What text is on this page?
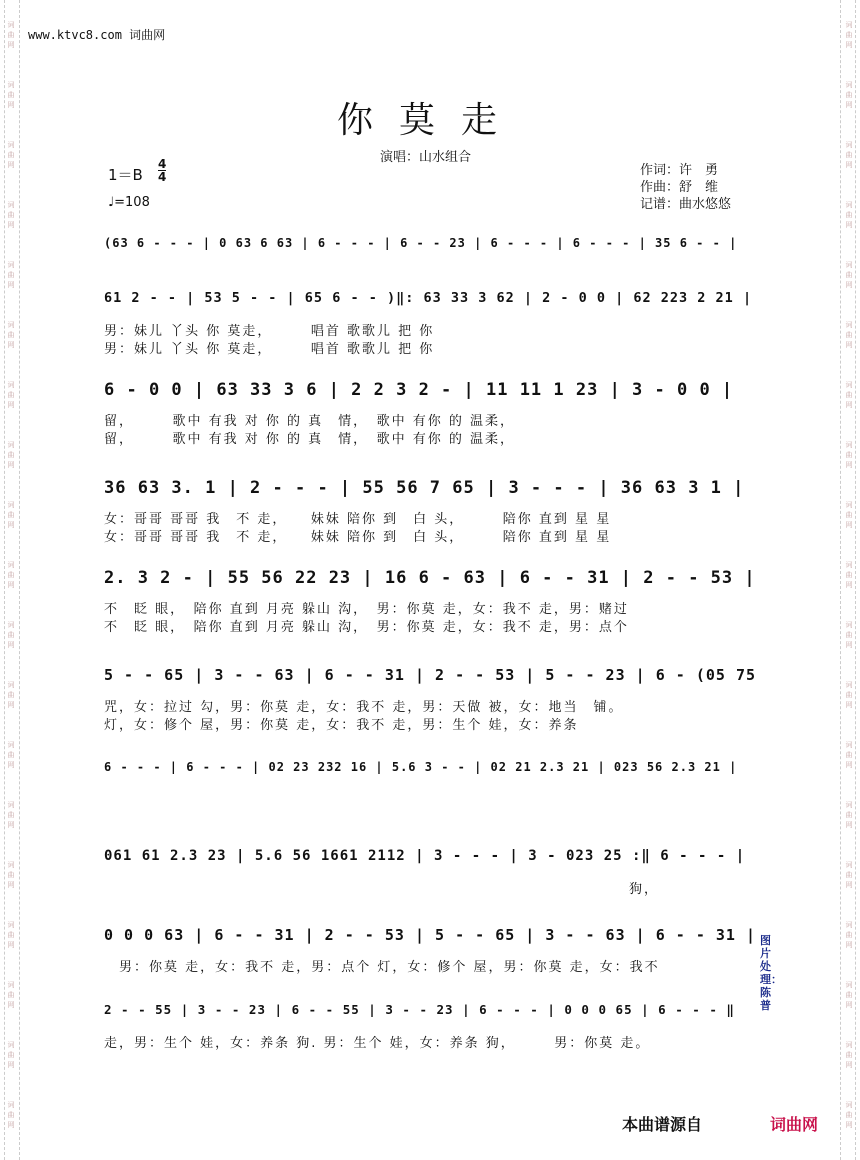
词
曲
网
词
曲
网
词
曲
网
词
曲
网
词
曲
网
词
曲
网
词
曲
网
词
曲
网
词
曲
网
词
曲
网
词
曲
网
词
曲
网
词
曲
网
词
曲
网
词
曲
网
词
曲
网
词
曲
网
词
曲
网
词
曲
网
词
曲
网
词
曲
网
词
曲
网
词
曲
网
词
曲
网
词
曲
网
词
曲
网
词
曲
网
词
曲
网
词
曲
网
词
曲
网
词
曲
网
词
曲
网
词
曲
网
词
曲
网
词
曲
网
词
曲
网
词
曲
网
词
曲
网
www.ktvc8.com 词曲网
你莫走
演唱：山水组合
作词：许　勇
作曲：舒　维
记谱：曲水悠悠
$1=B \frac{4}{4}$
♩=108
(63 6 - - - | 0 63 6 63 | 6 - - - | 6 - - 23 | 6 - - - | 6 - - - | 35 6 - - |
61 2 - - | 53 5 - - | 65 6 - - )‖: 63 33 3 62 | 2 - 0 0 | 62 223 2 21 |
男：妹儿 丫头 你 莫走，　　　唱首 歌歌儿 把 你
男：妹儿 丫头 你 莫走，　　　唱首 歌歌儿 把 你
6 - 0 0 | 63 33 3 6 | 2 2 3 2 - | 11 11 1 23 | 3 - 0 0 |
留，　　　歌中 有我 对 你 的 真　情，　歌中 有你 的 温柔，
留，　　　歌中 有我 对 你 的 真　情，　歌中 有你 的 温柔，
36 63 3. 1 | 2 - - - | 55 56 7 65 | 3 - - - | 36 63 3 1 |
女：哥哥 哥哥 我　不 走，　　妹妹 陪你 到　白 头，　　　陪你 直到 星 星
女：哥哥 哥哥 我　不 走，　　妹妹 陪你 到　白 头，　　　陪你 直到 星 星
2. 3 2 - | 55 56 22 23 | 16 6 - 63 | 6 - - 31 | 2 - - 53 |
不　眨 眼，　陪你 直到 月亮 躲山 沟，　男：你莫 走，女：我不 走，男：赌过
不　眨 眼，　陪你 直到 月亮 躲山 沟，　男：你莫 走，女：我不 走，男：点个
5 - - 65 | 3 - - 63 | 6 - - 31 | 2 - - 53 | 5 - - 23 | 6 - (05 75
咒，女：拉过 勾，男：你莫 走，女：我不 走，男：天做 被，女：地当　铺。
灯，女：修个 屋，男：你莫 走，女：我不 走，男：生个 娃，女：养条
6 - - - | 6 - - - | 02 23 232 16 | 5.6 3 - - | 02 21 2.3 21 | 023 56 2.3 21 |
061 61 2.3 23 | 5.6 56 1661 2112 | 3 - - - | 3 - 023 25 :‖ 6 - - - |
　　　　　　　　　　　　　　　　　　　　　　　　　　　　　　　　　　　狗，
0 0 0 63 | 6 - - 31 | 2 - - 53 | 5 - - 65 | 3 - - 63 | 6 - - 31 |
　男：你莫 走，女：我不 走，男：点个 灯，女：修个 屋，男：你莫 走，女：我不
2 - - 55 | 3 - - 23 | 6 - - 55 | 3 - - 23 | 6 - - - | 0 0 0 65 | 6 - - - ‖
走，男：生个 娃，女：养条 狗. 男：生个 娃，女：养条 狗，　　　男：你莫 走。
图片处理：陈普
本曲谱源自	词曲网
